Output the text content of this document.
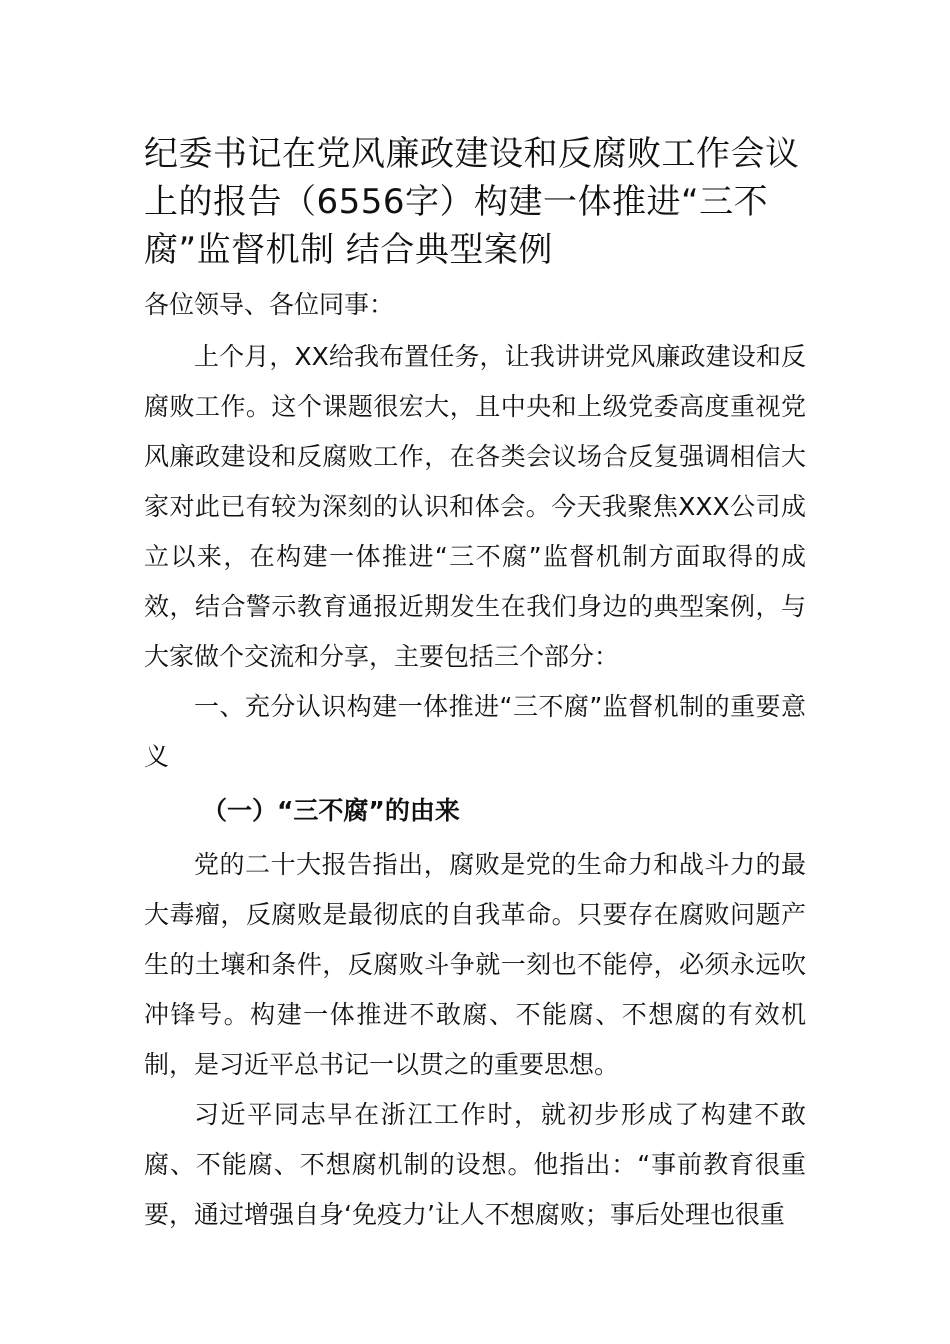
纪委书记在党风廉政建设和反腐败工作会议上的报告（6556字）构建一体推进“三不腐”监督机制 结合典型案例

各位领导、各位同事：

上个月，XX给我布置任务，让我讲讲党风廉政建设和反腐败工作。这个课题很宏大，且中央和上级党委高度重视党风廉政建设和反腐败工作，在各类会议场合反复强调相信大家对此已有较为深刻的认识和体会。今天我聚焦XXX公司成立以来，在构建一体推进“三不腐”监督机制方面取得的成效，结合警示教育通报近期发生在我们身边的典型案例，与大家做个交流和分享，主要包括三个部分：

一、充分认识构建一体推进“三不腐”监督机制的重要意义

（一）“三不腐”的由来

党的二十大报告指出，腐败是党的生命力和战斗力的最大毒瘤，反腐败是最彻底的自我革命。只要存在腐败问题产生的土壤和条件，反腐败斗争就一刻也不能停，必须永远吹冲锋号。构建一体推进不敢腐、不能腐、不想腐的有效机制，是习近平总书记一以贯之的重要思想。

习近平同志早在浙江工作时，就初步形成了构建不敢腐、不能腐、不想腐机制的设想。他指出：“事前教育很重要，通过增强自身‘免疫力’让人不想腐败；事后处理也很重
